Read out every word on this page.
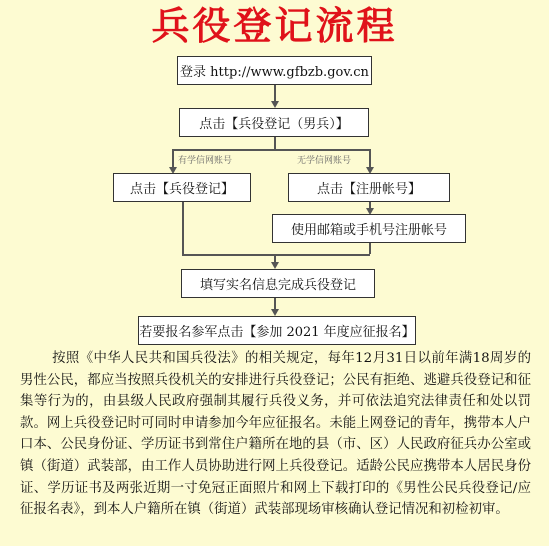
兵役登记流程
登录 http://www.gfbzb.gov.cn
点击【兵役登记（男兵）】
有学信网账号	无学信网账号
点击【兵役登记】	点击【注册帐号】
使用邮箱或手机号注册帐号
填写实名信息完成兵役登记
若要报名参军点击【参加 2021 年度应征报名】
按照《中华人民共和国兵役法》的相关规定，每年12月31日以前年满18周岁的男性公民，都应当按照兵役机关的安排进行兵役登记；公民有拒绝、逃避兵役登记和征集等行为的，由县级人民政府强制其履行兵役义务，并可依法追究法律责任和处以罚款。网上兵役登记时可同时申请参加今年应征报名。未能上网登记的青年，携带本人户口本、公民身份证、学历证书到常住户籍所在地的县（市、区）人民政府征兵办公室或镇（街道）武装部，由工作人员协助进行网上兵役登记。适龄公民应携带本人居民身份证、学历证书及两张近期一寸免冠正面照片和网上下载打印的《男性公民兵役登记/应征报名表》，到本人户籍所在镇（街道）武装部现场审核确认登记情况和初检初审。
